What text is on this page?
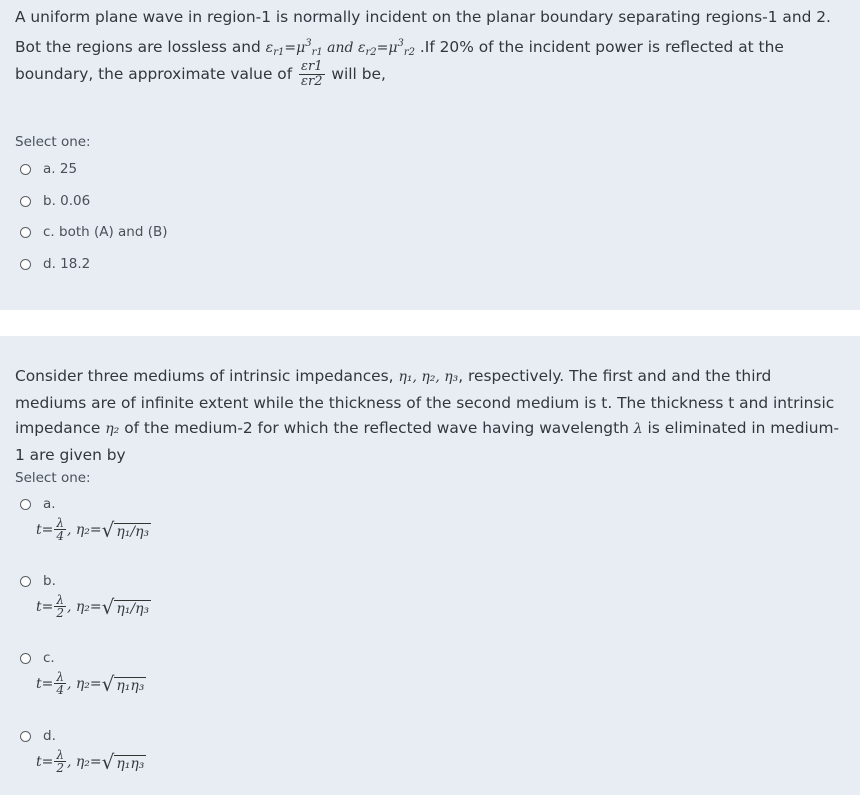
A uniform plane wave in region-1 is normally incident on the planar boundary separating regions-1 and 2.
Bot the regions are lossless and $\varepsilon_{r1}=\mu^3_{r1}$ and $\varepsilon_{r2}=\mu^3_{r2}$ .If 20% of the incident power is reflected at the

boundary, the approximate value of $\frac{\varepsilon r1}{\varepsilon r2}$ will be,

Select one:
a. 25
b. 0.06
c. both (A) and (B)
d. 18.2

Consider three mediums of intrinsic impedances, η₁, η₂, η₃, respectively. The first and and the third mediums are of infinite extent while the thickness of the second medium is t. The thickness t and intrinsic impedance η₂ of the medium-2 for which the reflected wave having wavelength λ is eliminated in medium-1 are given by

Select one:
a.
$t= \frac{\lambda}{4}$ , η₂= √ η₁/η₃
b.
$t= \frac{\lambda}{2}$ , η₂= √ η₁/η₃
c.
$t= \frac{\lambda}{4}$ , η₂= √ η₁η₃
d.
$t= \frac{\lambda}{2}$ , η₂= √ η₁η₃
